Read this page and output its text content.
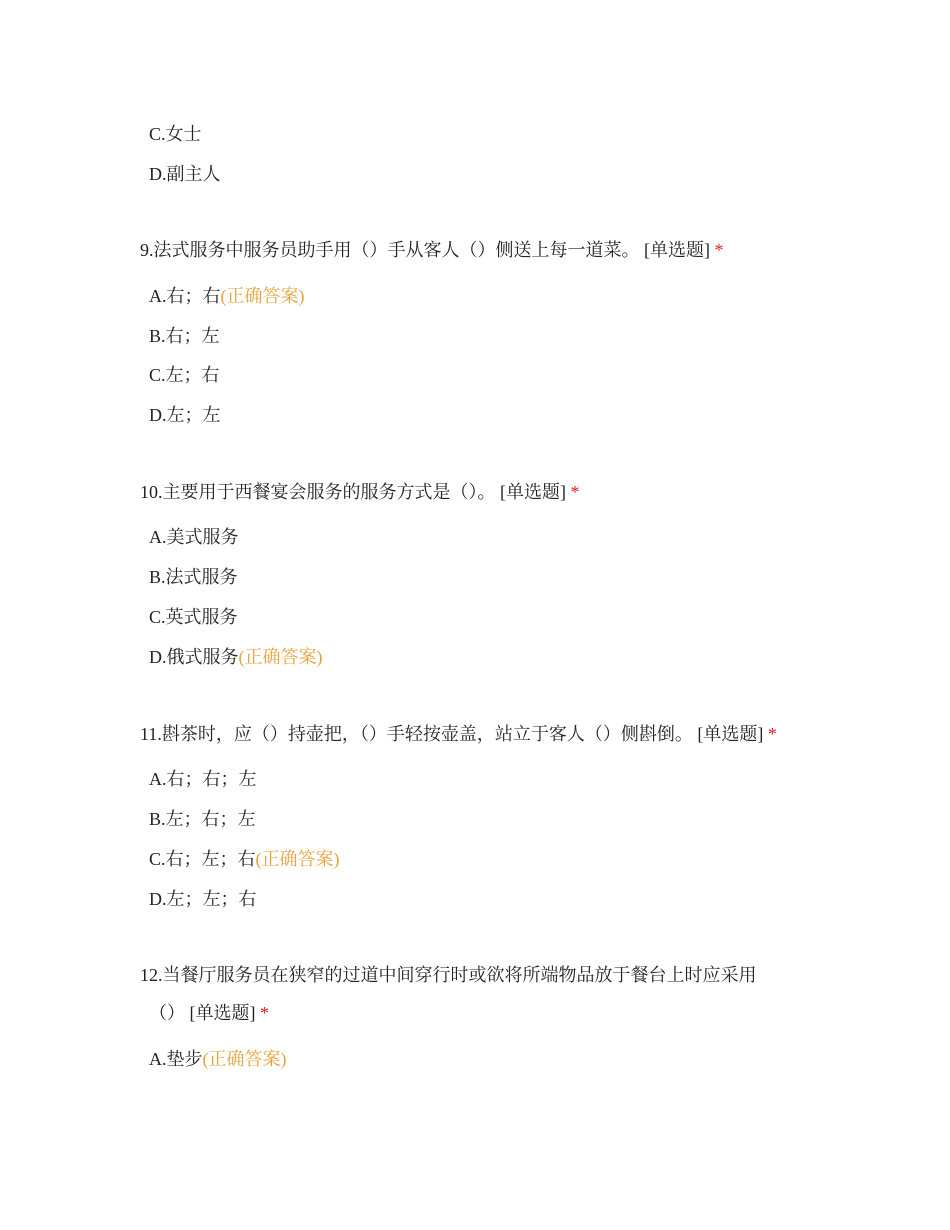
C.女士
D.副主人
9.法式服务中服务员助手用（）手从客人（）侧送上每一道菜。 [单选题] *
A.右；右(正确答案)
B.右；左
C.左；右
D.左；左
10.主要用于西餐宴会服务的服务方式是（）。 [单选题] *
A.美式服务
B.法式服务
C.英式服务
D.俄式服务(正确答案)
11.斟茶时，应（）持壶把，（）手轻按壶盖，站立于客人（）侧斟倒。 [单选题] *
A.右；右；左
B.左；右；左
C.右；左；右(正确答案)
D.左；左；右
12.当餐厅服务员在狭窄的过道中间穿行时或欲将所端物品放于餐台上时应采用
（） [单选题] *
A.垫步(正确答案)
